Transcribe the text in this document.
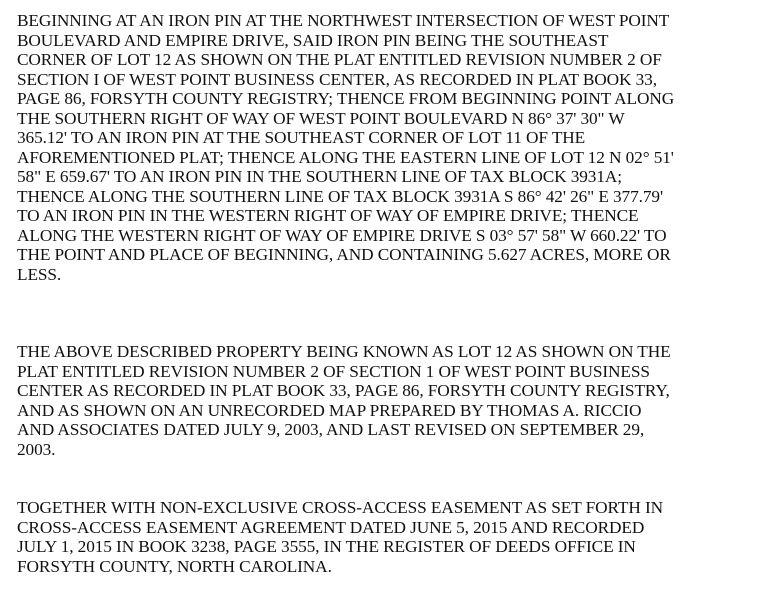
BEGINNING AT AN IRON PIN AT THE NORTHWEST INTERSECTION OF WEST POINT
BOULEVARD AND EMPIRE DRIVE, SAID IRON PIN BEING THE SOUTHEAST
CORNER OF LOT 12 AS SHOWN ON THE PLAT ENTITLED REVISION NUMBER 2 OF
SECTION I OF WEST POINT BUSINESS CENTER, AS RECORDED IN PLAT BOOK 33,
PAGE 86, FORSYTH COUNTY REGISTRY; THENCE FROM BEGINNING POINT ALONG
THE SOUTHERN RIGHT OF WAY OF WEST POINT BOULEVARD N 86° 37' 30" W
365.12' TO AN IRON PIN AT THE SOUTHEAST CORNER OF LOT 11 OF THE
AFOREMENTIONED PLAT; THENCE ALONG THE EASTERN LINE OF LOT 12 N 02° 51'
58" E 659.67' TO AN IRON PIN IN THE SOUTHERN LINE OF TAX BLOCK 3931A;
THENCE ALONG THE SOUTHERN LINE OF TAX BLOCK 3931A S 86° 42' 26" E 377.79'
TO AN IRON PIN IN THE WESTERN RIGHT OF WAY OF EMPIRE DRIVE; THENCE
ALONG THE WESTERN RIGHT OF WAY OF EMPIRE DRIVE S 03° 57' 58" W 660.22' TO
THE POINT AND PLACE OF BEGINNING, AND CONTAINING 5.627 ACRES, MORE OR
LESS.

THE ABOVE DESCRIBED PROPERTY BEING KNOWN AS LOT 12 AS SHOWN ON THE
PLAT ENTITLED REVISION NUMBER 2 OF SECTION 1 OF WEST POINT BUSINESS
CENTER AS RECORDED IN PLAT BOOK 33, PAGE 86, FORSYTH COUNTY REGISTRY,
AND AS SHOWN ON AN UNRECORDED MAP PREPARED BY THOMAS A. RICCIO
AND ASSOCIATES DATED JULY 9, 2003, AND LAST REVISED ON SEPTEMBER 29,
2003.

TOGETHER WITH NON-EXCLUSIVE CROSS-ACCESS EASEMENT AS SET FORTH IN
CROSS-ACCESS EASEMENT AGREEMENT DATED JUNE 5, 2015 AND RECORDED
JULY 1, 2015 IN BOOK 3238, PAGE 3555, IN THE REGISTER OF DEEDS OFFICE IN
FORSYTH COUNTY, NORTH CAROLINA.
